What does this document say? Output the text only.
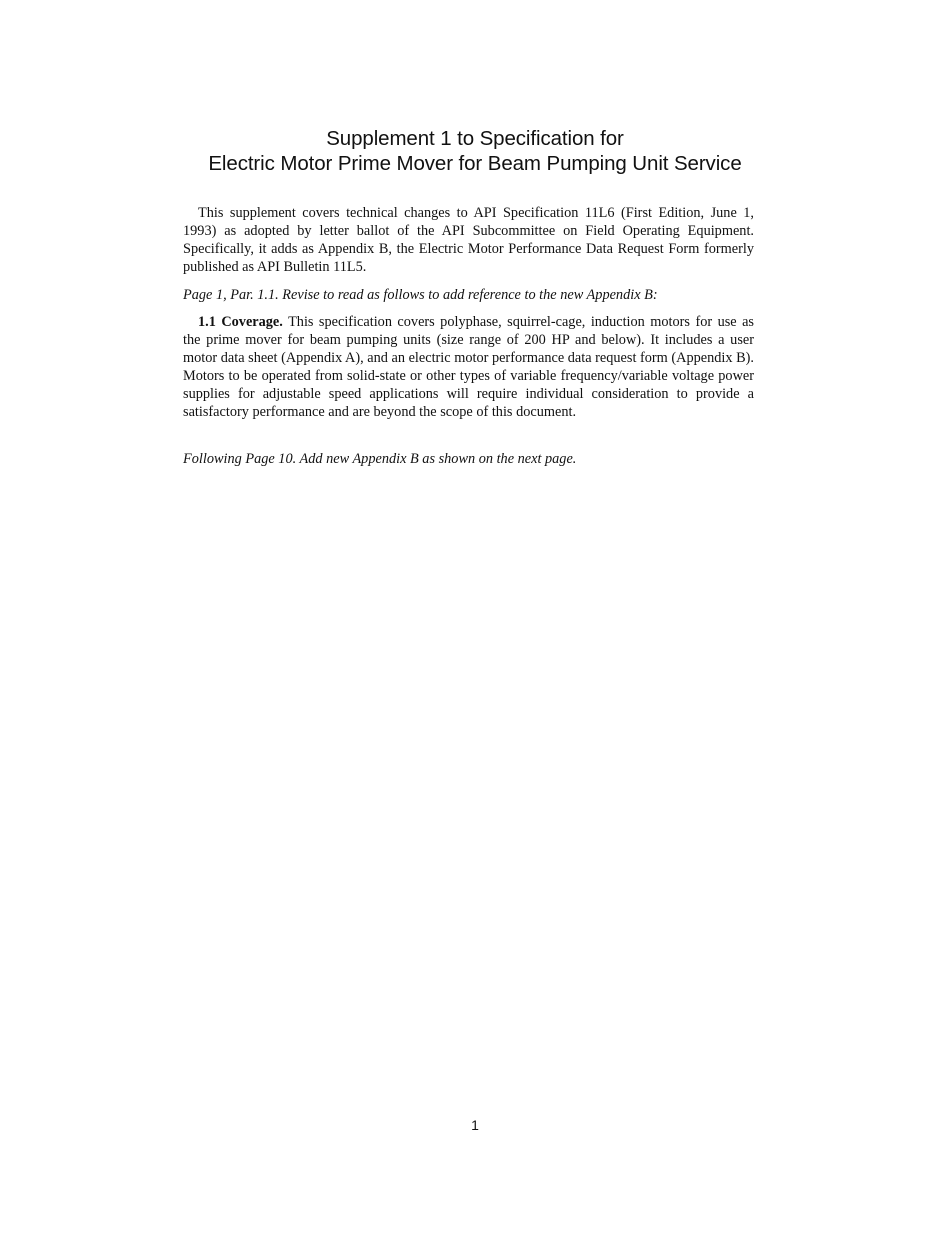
Supplement 1 to Specification for
Electric Motor Prime Mover for Beam Pumping Unit Service

This supplement covers technical changes to API Specification 11L6 (First Edition, June 1, 1993) as adopted by letter ballot of the API Subcommittee on Field Operating Equipment. Specifically, it adds as Appendix B, the Electric Motor Performance Data Request Form formerly published as API Bulletin 11L5.

Page 1, Par. 1.1. Revise to read as follows to add reference to the new Appendix B:

1.1 Coverage. This specification covers polyphase, squirrel-cage, induction motors for use as the prime mover for beam pumping units (size range of 200 HP and below). It includes a user motor data sheet (Appendix A), and an electric motor performance data request form (Appendix B). Motors to be operated from solid-state or other types of variable frequency/variable voltage power supplies for adjustable speed applications will require individual consideration to provide a satisfactory performance and are beyond the scope of this document.

Following Page 10. Add new Appendix B as shown on the next page.

1
